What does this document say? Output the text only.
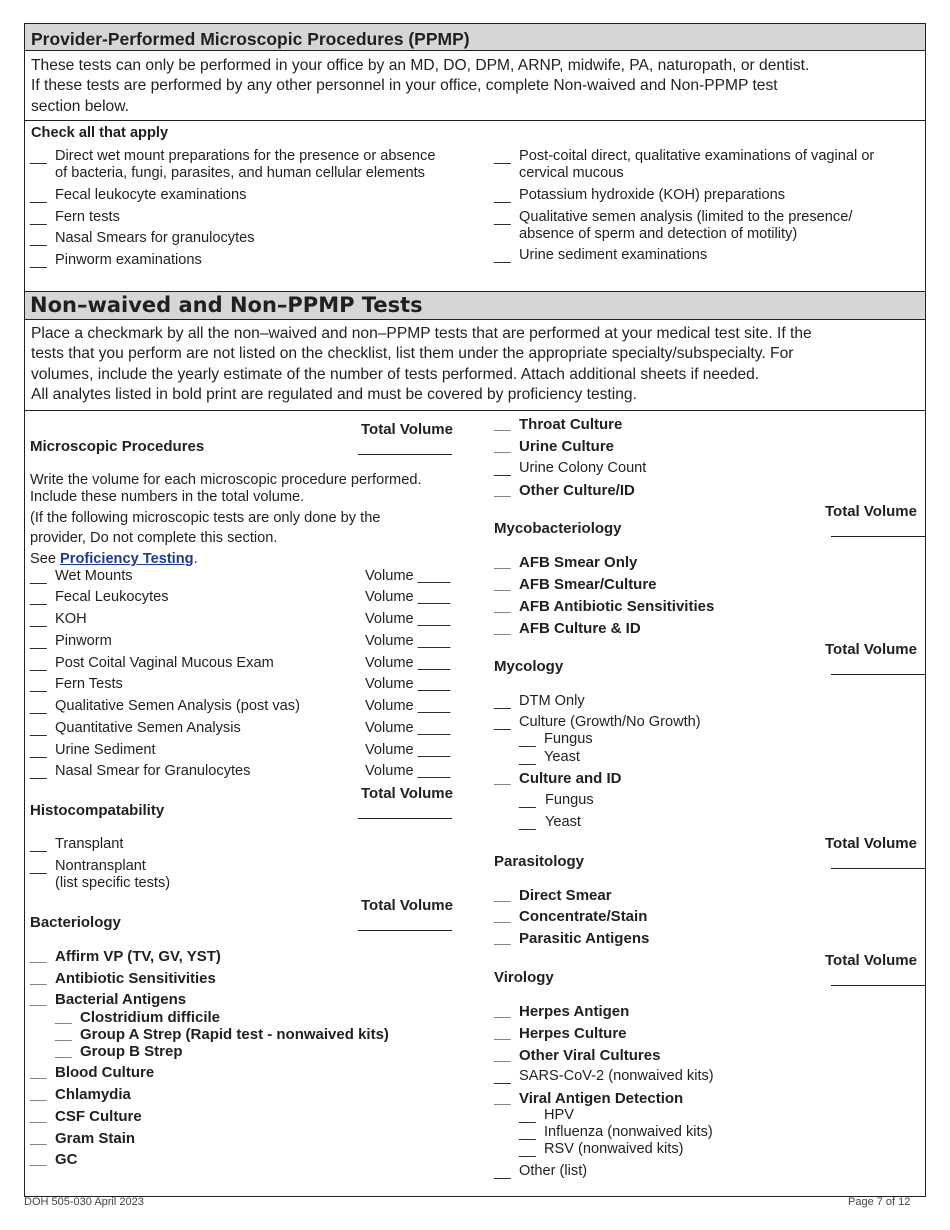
Provider-Performed Microscopic Procedures (PPMP)
These tests can only be performed in your office by an MD, DO, DPM, ARNP, midwife, PA, naturopath, or dentist.
If these tests are performed by any other personnel in your office, complete Non-waived and Non-PPMP test
section below.
Check all that apply
__ Direct wet mount preparations for the presence or absence
of bacteria, fungi, parasites, and human cellular elements
__ Fecal leukocyte examinations
__ Fern tests
__ Nasal Smears for granulocytes
__ Pinworm examinations
__ Post-coital direct, qualitative examinations of vaginal or
cervical mucous
__ Potassium hydroxide (KOH) preparations
__ Qualitative semen analysis (limited to the presence/
absence of sperm and detection of motility)
__ Urine sediment examinations
Non–waived and Non–PPMP Tests
Place a checkmark by all the non–waived and non–PPMP tests that are performed at your medical test site. If the
tests that you perform are not listed on the checklist, list them under the appropriate specialty/subspecialty. For
volumes, include the yearly estimate of the number of tests performed. Attach additional sheets if needed.
All analytes listed in bold print are regulated and must be covered by proficiency testing.
Total Volume
Microscopic Procedures
Write the volume for each microscopic procedure performed.
Include these numbers in the total volume.
(If the following microscopic tests are only done by the
provider, Do not complete this section.
See Proficiency Testing.
__ Wet Mounts	Volume ____
__ Fecal Leukocytes	Volume ____
__ KOH	Volume ____
__ Pinworm	Volume ____
__ Post Coital Vaginal Mucous Exam	Volume ____
__ Fern Tests	Volume ____
__ Qualitative Semen Analysis (post vas)	Volume ____
__ Quantitative Semen Analysis	Volume ____
__ Urine Sediment	Volume ____
__ Nasal Smear for Granulocytes	Volume ____
Total Volume
Histocompatability
__ Transplant
__ Nontransplant
(list specific tests)
Total Volume
Bacteriology
__ Affirm VP (TV, GV, YST)
__ Antibiotic Sensitivities
__ Bacterial Antigens
__ Clostridium difficile
__ Group A Strep (Rapid test - nonwaived kits)
__ Group B Strep
__ Blood Culture
__ Chlamydia
__ CSF Culture
__ Gram Stain
__ GC
__ Throat Culture
__ Urine Culture
__ Urine Colony Count
__ Other Culture/ID
Total Volume
Mycobacteriology
__ AFB Smear Only
__ AFB Smear/Culture
__ AFB Antibiotic Sensitivities
__ AFB Culture & ID
Total Volume
Mycology
__ DTM Only
__ Culture (Growth/No Growth)
__ Fungus
__ Yeast
__ Culture and ID
__ Fungus
__ Yeast
Total Volume
Parasitology
__ Direct Smear
__ Concentrate/Stain
__ Parasitic Antigens
Total Volume
Virology
__ Herpes Antigen
__ Herpes Culture
__ Other Viral Cultures
__ SARS-CoV-2 (nonwaived kits)
__ Viral Antigen Detection
__ HPV
__ Influenza (nonwaived kits)
__ RSV (nonwaived kits)
__ Other (list)
DOH 505-030 April 2023	Page 7 of 12
